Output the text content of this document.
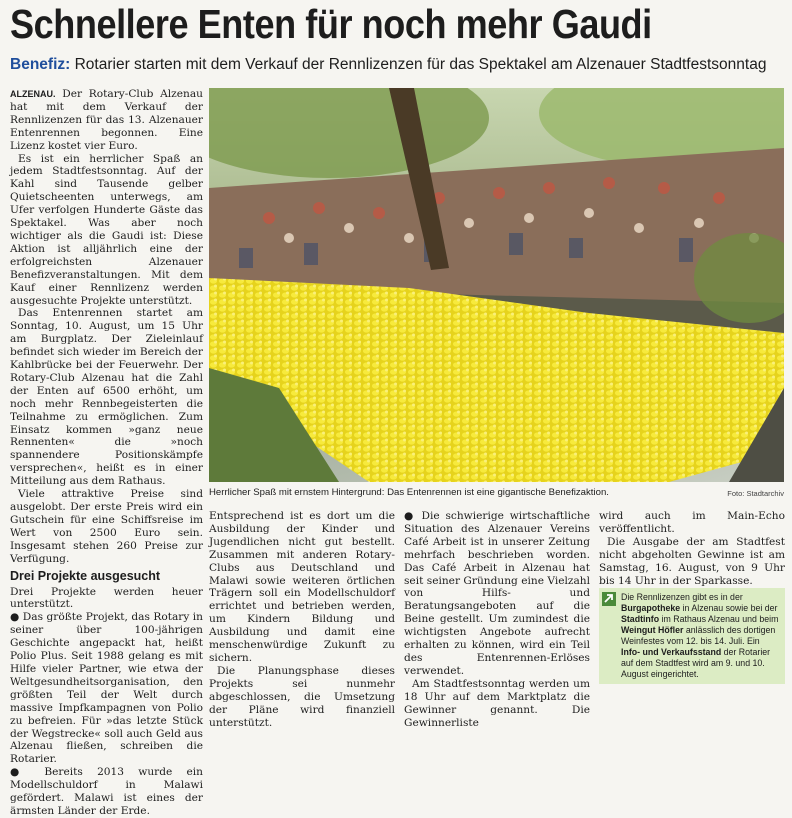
Schnellere Enten für noch mehr Gaudi
Benefiz: Rotarier starten mit dem Verkauf der Rennlizenzen für das Spektakel am Alzenauer Stadtfestsonntag

ALZENAU. Der Rotary-Club Alzenau hat mit dem Verkauf der Rennlizenzen für das 13. Alzenauer Entenrennen begonnen. Eine Lizenz kostet vier Euro.

Es ist ein herrlicher Spaß an jedem Stadtfestsonntag. Auf der Kahl sind Tausende gelber Quietscheenten unterwegs, am Ufer verfolgen Hunderte Gäste das Spektakel. Was aber noch wichtiger als die Gaudi ist: Diese Aktion ist alljährlich eine der erfolgreichsten Alzenauer Benefizveranstaltungen. Mit dem Kauf einer Rennlizenz werden ausgesuchte Projekte unterstützt.

Das Entenrennen startet am Sonntag, 10. August, um 15 Uhr am Burgplatz. Der Zieleinlauf befindet sich wieder im Bereich der Kahlbrücke bei der Feuerwehr. Der Rotary-Club Alzenau hat die Zahl der Enten auf 6500 erhöht, um noch mehr Rennbegeisterten die Teilnahme zu ermöglichen. Zum Einsatz kommen »ganz neue Rennenten« die »noch spannendere Positionskämpfe versprechen«, heißt es in einer Mitteilung aus dem Rathaus.

Viele attraktive Preise sind ausgelobt. Der erste Preis wird ein Gutschein für eine Schiffsreise im Wert von 2500 Euro sein. Insgesamt stehen 260 Preise zur Verfügung.

Drei Projekte ausgesucht

Drei Projekte werden heuer unterstützt.

● Das größte Projekt, das Rotary in seiner über 100-jährigen Geschichte angepackt hat, heißt Polio Plus. Seit 1988 gelang es mit Hilfe vieler Partner, wie etwa der Weltgesundheitsorganisation, den größten Teil der Welt durch massive Impfkampagnen von Polio zu befreien. Für »das letzte Stück der Wegstrecke« soll auch Geld aus Alzenau fließen, schreiben die Rotarier.

● Bereits 2013 wurde ein Modellschuldorf in Malawi gefördert. Malawi ist eines der ärmsten Länder der Erde.

Herrlicher Spaß mit ernstem Hintergrund: Das Entenrennen ist eine gigantische Benefizaktion.	Foto: Stadtarchiv

Entsprechend ist es dort um die Ausbildung der Kinder und Jugendlichen nicht gut bestellt. Zusammen mit anderen Rotary-Clubs aus Deutschland und Malawi sowie weiteren örtlichen Trägern soll ein Modellschuldorf errichtet und betrieben werden, um Kindern Bildung und Ausbildung und damit eine menschenwürdige Zukunft zu sichern.

Die Planungsphase dieses Projekts sei nunmehr abgeschlossen, die Umsetzung der Pläne wird finanziell unterstützt.

● Die schwierige wirtschaftliche Situation des Alzenauer Vereins Café Arbeit ist in unserer Zeitung mehrfach beschrieben worden. Das Café Arbeit in Alzenau hat seit seiner Gründung eine Vielzahl von Hilfs- und Beratungsangeboten auf die Beine gestellt. Um zumindest die wichtigsten Angebote aufrecht erhalten zu können, wird ein Teil des Entenrennen-Erlöses verwendet.

Am Stadtfestsonntag werden um 18 Uhr auf dem Marktplatz die Gewinner genannt. Die Gewinnerliste

wird auch im Main-Echo veröffentlicht.

Die Ausgabe der am Stadtfest nicht abgeholten Gewinne ist am Samstag, 16. August, von 9 Uhr bis 14 Uhr in der Sparkasse.

Die Rennlizenzen gibt es in der Burgapotheke in Alzenau sowie bei der Stadtinfo im Rathaus Alzenau und beim Weingut Höfler anlässlich des dortigen Weinfestes vom 12. bis 14. Juli. Ein Info- und Verkaufsstand der Rotarier auf dem Stadtfest wird am 9. und 10. August eingerichtet.
